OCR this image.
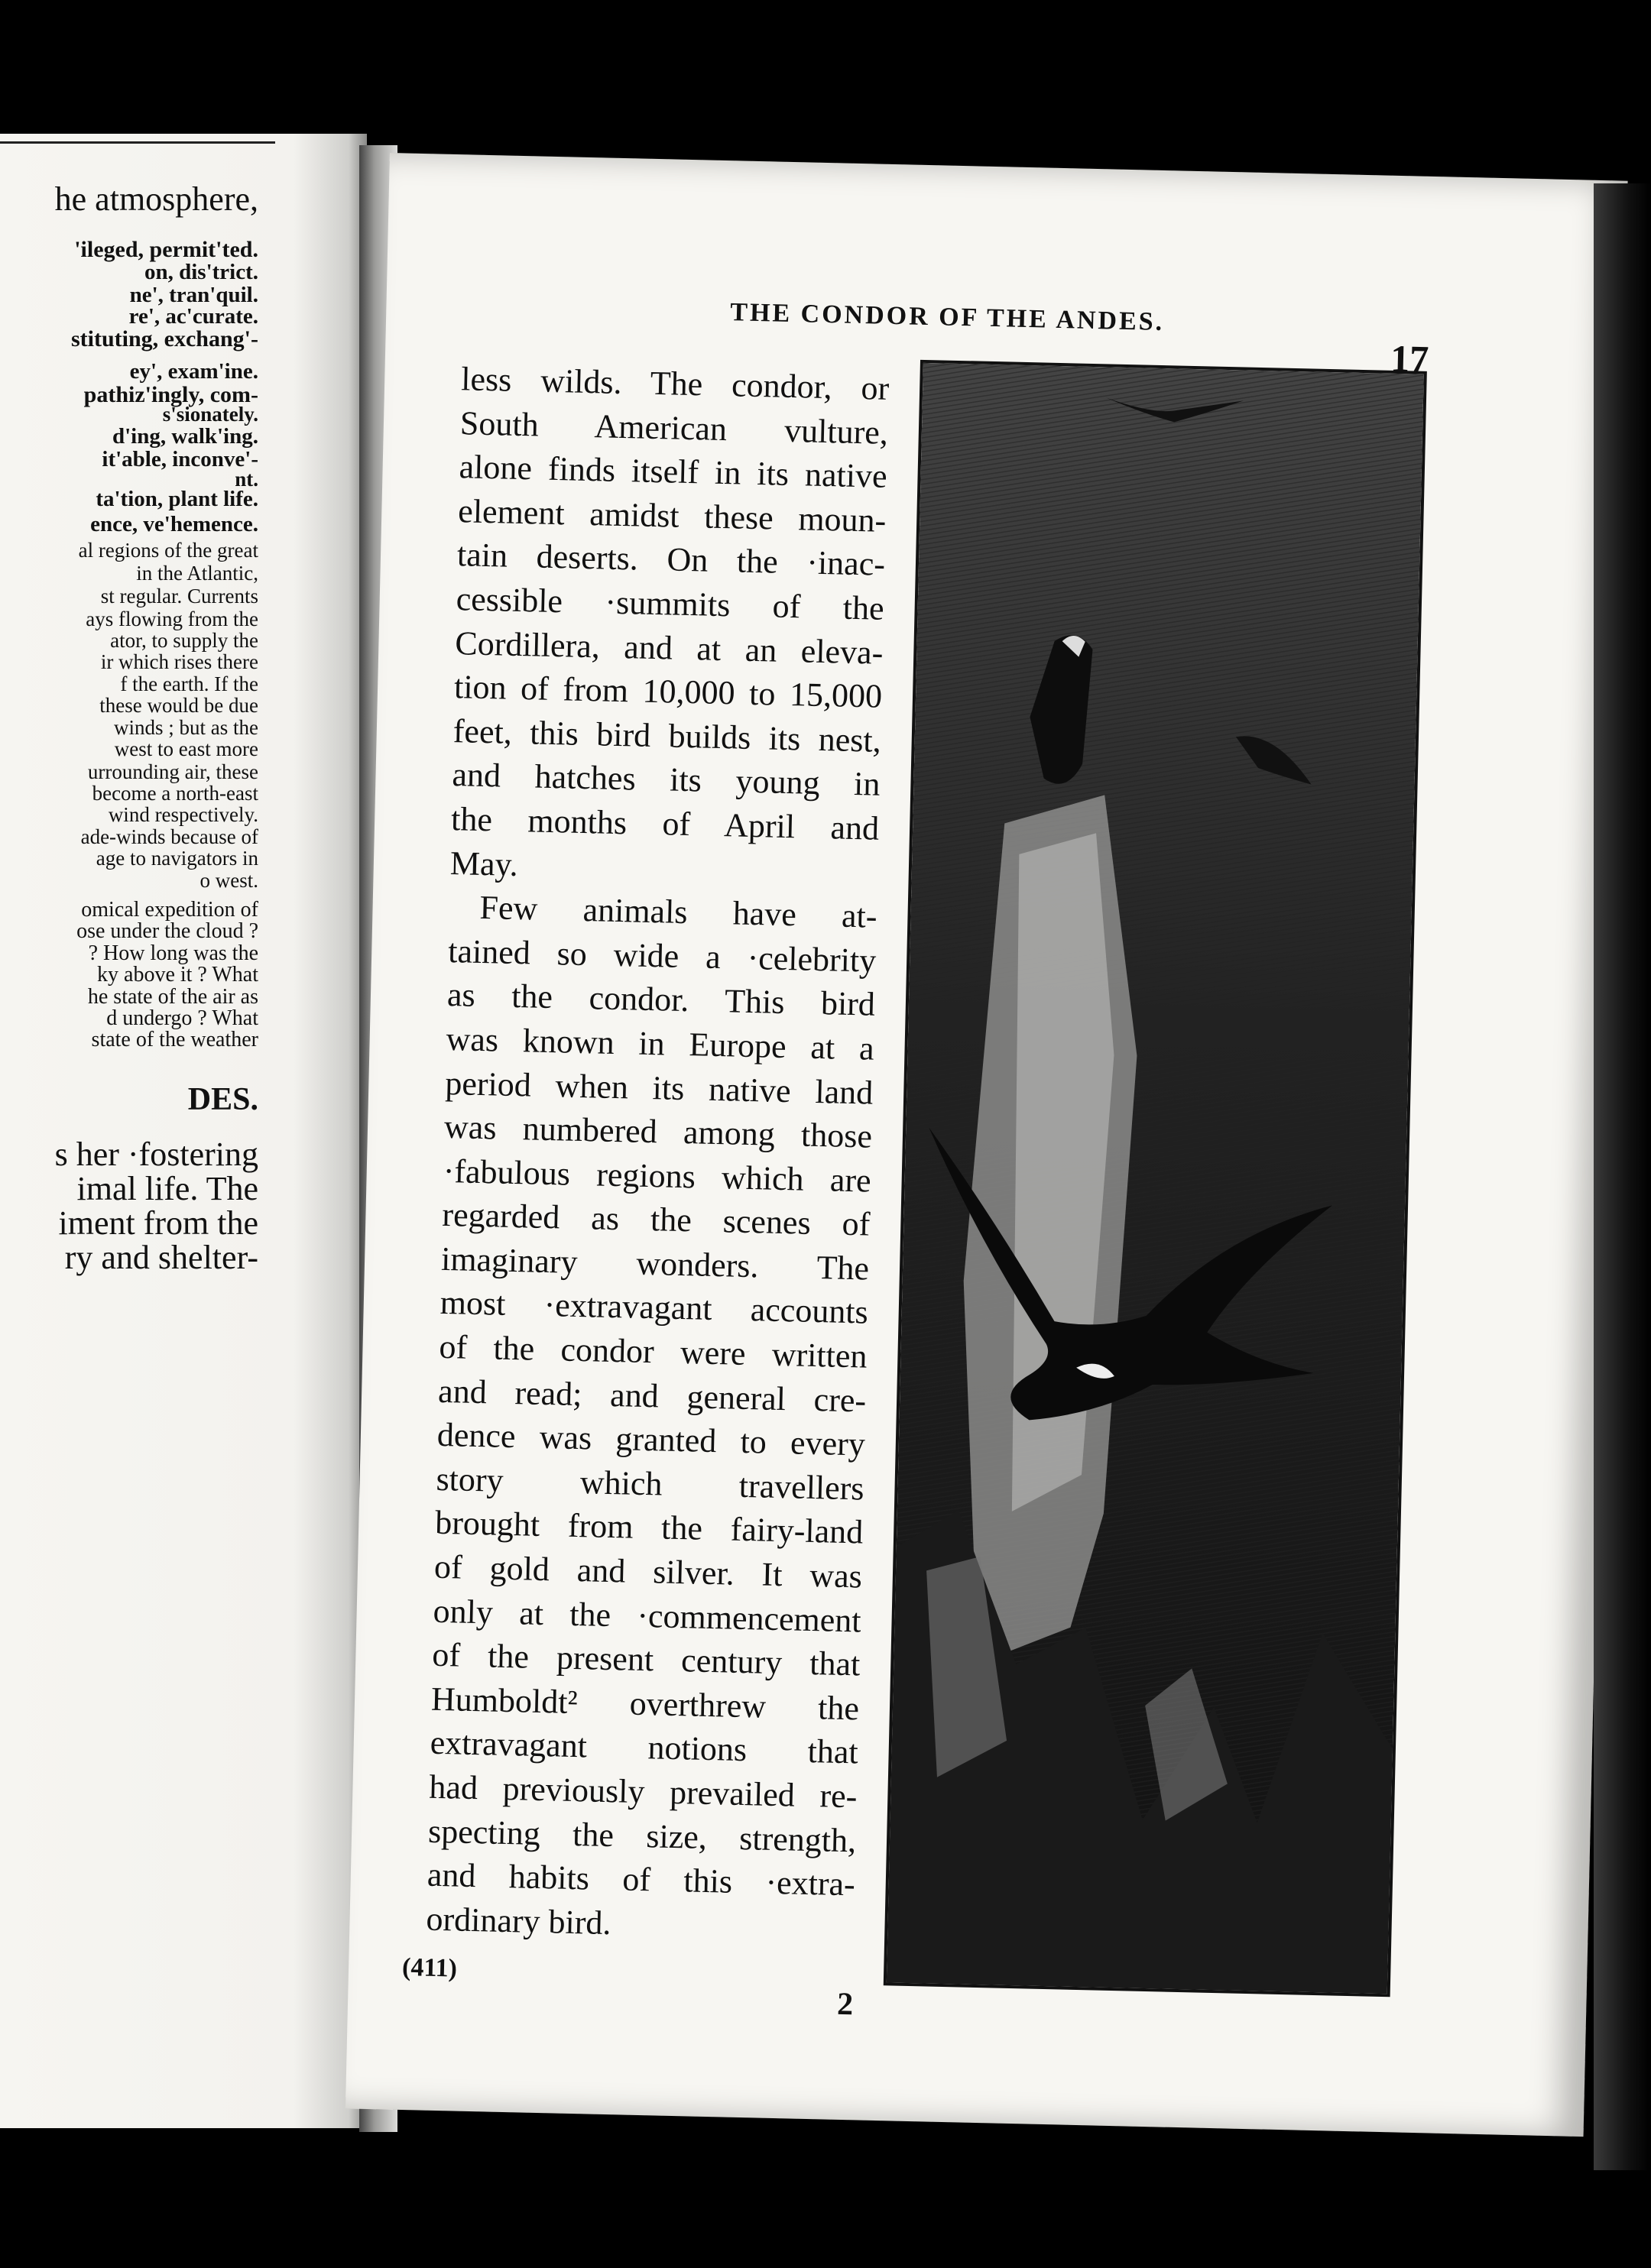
he atmosphere,
'ileged, permit'ted.
on, dis'trict.
ne', tran'quil.
re', ac'curate.
stituting, exchang'-
ey', exam'ine.
pathiz'ingly, com-
s'sionately.
d'ing, walk'ing.
it'able, inconve'-
nt.
ta'tion, plant life.
ence, ve'hemence.
al regions of the great
in the Atlantic,
st regular. Currents
ays flowing from the
ator, to supply the
ir which rises there
f the earth. If the
these would be due
winds ; but as the
west to east more
urrounding air, these
become a north-east
wind respectively.
ade-winds because of
age to navigators in
o west.
omical expedition of
ose under the cloud ?
? How long was the
ky above it ? What
he state of the air as
d undergo ? What
state of the weather
DES.
s her ·fostering
imal life. The
iment from the
ry and shelter-
THE CONDOR OF THE ANDES.
17
less wilds. The condor, or
South American vulture,
alone finds itself in its native
element amidst these moun-
tain deserts. On the ·inac-
cessible ·summits of the
Cordillera, and at an eleva-
tion of from 10,000 to 15,000
feet, this bird builds its nest,
and hatches its young in
the months of April and
May.
Few animals have at-
tained so wide a ·celebrity
as the condor. This bird
was known in Europe at a
period when its native land
was numbered among those
·fabulous regions which are
regarded as the scenes of
imaginary wonders. The
most ·extravagant accounts
of the condor were written
and read; and general cre-
dence was granted to every
story which travellers
brought from the fairy-land
of gold and silver. It was
only at the ·commencement
of the present century that
Humboldt² overthrew the
extravagant notions that
had previously prevailed re-
specting the size, strength,
and habits of this ·extra-
ordinary bird.
(411)
2
